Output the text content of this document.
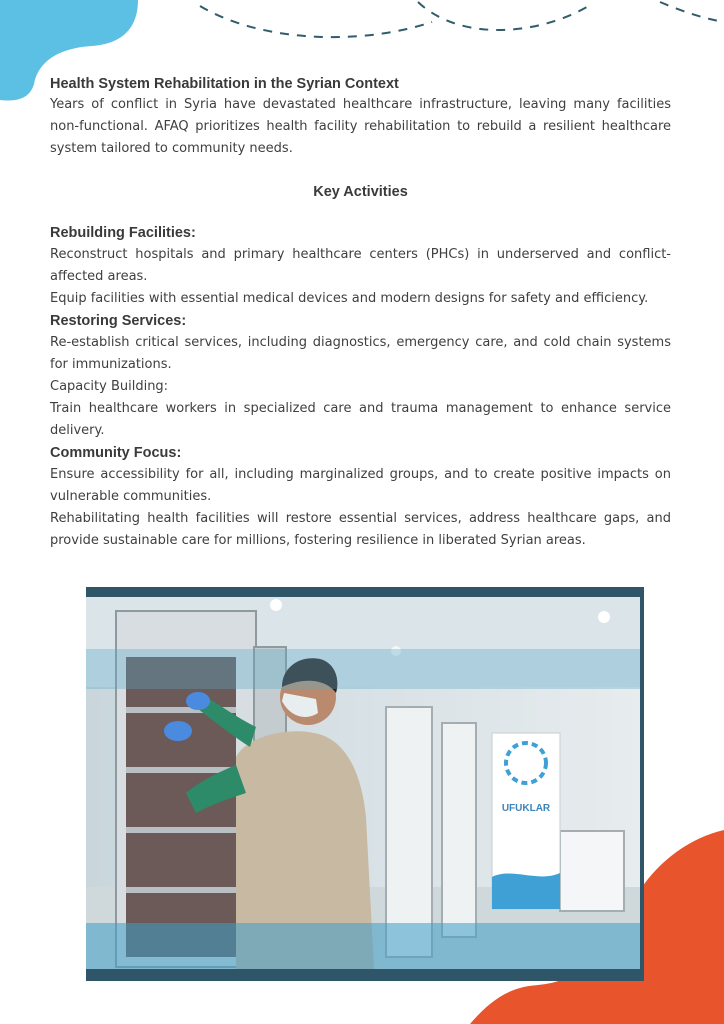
Health System Rehabilitation in the Syrian Context

Years of conflict in Syria have devastated healthcare infrastructure, leaving many facilities non-functional. AFAQ prioritizes health facility rehabilitation to rebuild a resilient healthcare system tailored to community needs.

Key Activities
Rebuilding Facilities:

Reconstruct hospitals and primary healthcare centers (PHCs) in underserved and conflict-affected areas.

Equip facilities with essential medical devices and modern designs for safety and efficiency.

Restoring Services:

Re-establish critical services, including diagnostics, emergency care, and cold chain systems for immunizations.

Capacity Building:

Train healthcare workers in specialized care and trauma management to enhance service delivery.

Community Focus:

Ensure accessibility for all, including marginalized groups, and to create positive impacts on vulnerable communities.

Rehabilitating health facilities will restore essential services, address healthcare gaps, and provide sustainable care for millions, fostering resilience in liberated Syrian areas.

UFUKLAR
